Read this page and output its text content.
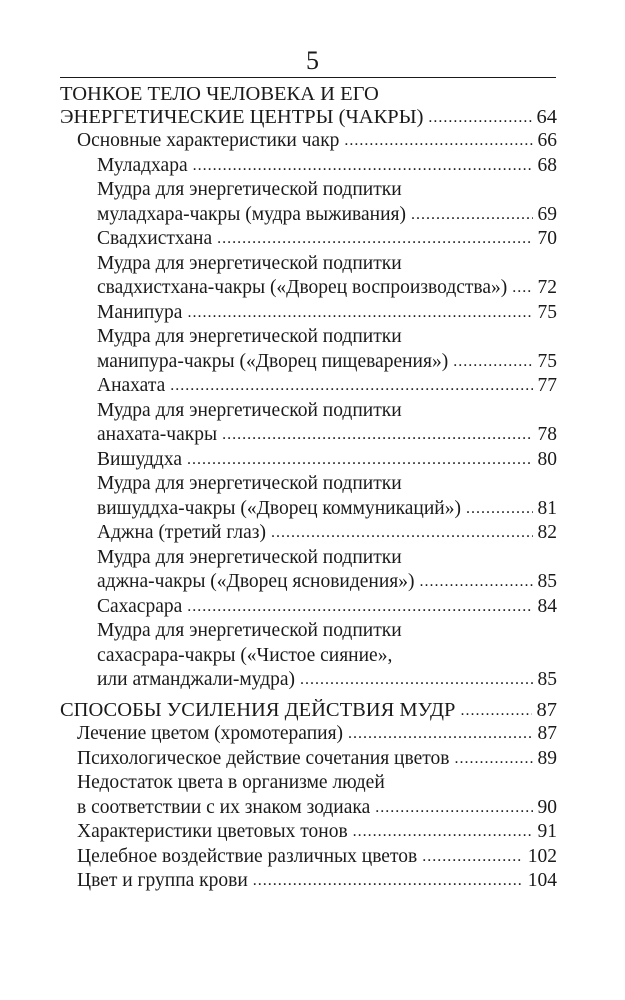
5
ТОНКОЕ ТЕЛО ЧЕЛОВЕКА И ЕГО
ЭНЕРГЕТИЧЕСКИЕ ЦЕНТРЫ (ЧАКРЫ) .....	64
Основные характеристики чакр .....	66
Муладхара .....	68
Мудра для энергетической подпитки
муладхара-чакры (мудра выживания) .....	69
Свадхистхана .....	70
Мудра для энергетической подпитки
свадхистхана-чакры («Дворец воспроизводства») ..... 72
Манипура .....	75
Мудра для энергетической подпитки
манипура-чакры («Дворец пищеварения») .....	75
Анахата .....	77
Мудра для энергетической подпитки
анахата-чакры .....	78
Вишуддха .....	80
Мудра для энергетической подпитки
вишуддха-чакры («Дворец коммуникаций») .....	81
Аджна (третий глаз) .....	82
Мудра для энергетической подпитки
аджна-чакры («Дворец ясновидения») .....	85
Сахасрара .....	84
Мудра для энергетической подпитки
сахасрара-чакры («Чистое сияние»,
или атманджали-мудра) .....	85
СПОСОБЫ УСИЛЕНИЯ ДЕЙСТВИЯ МУДР .....	87
Лечение цветом (хромотерапия) .....	87
Психологическое действие сочетания цветов .....	89
Недостаток цвета в организме людей
в соответствии с их знаком зодиака .....	90
Характеристики цветовых тонов .....	91
Целебное воздействие различных цветов .....	102
Цвет и группа крови .....	104
